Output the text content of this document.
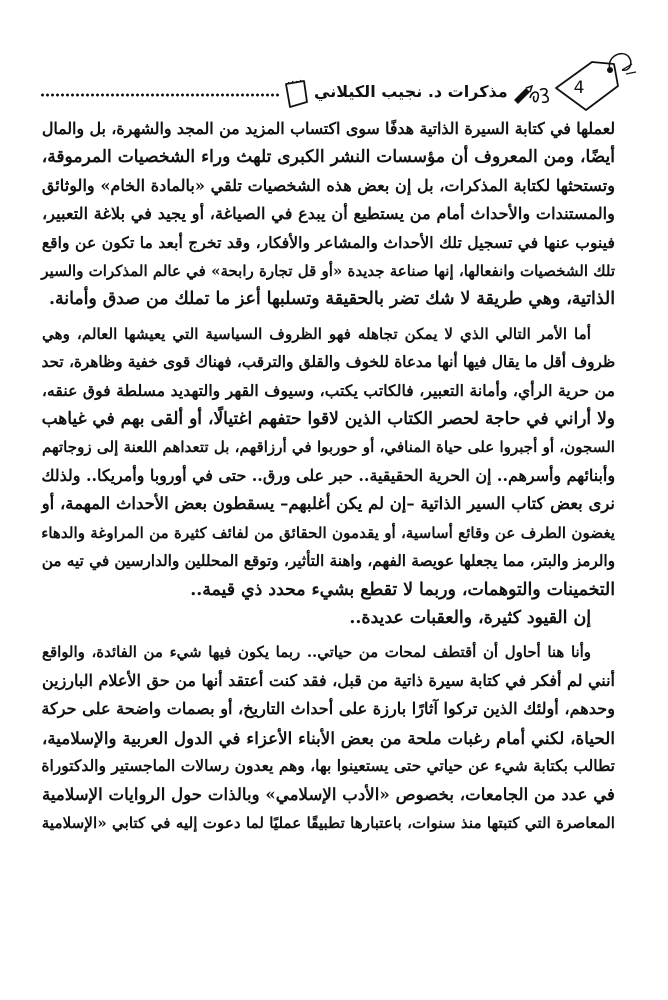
مذكرات د. نجيب الكيلاني	4
لعملها في كتابة السيرة الذاتية هدفًا سوى اكتساب المزيد من المجد والشهرة، بل والمال
أيضًا، ومن المعروف أن مؤسسات النشر الكبرى تلهث وراء الشخصيات المرموقة،
وتستحثها لكتابة المذكرات، بل إن بعض هذه الشخصيات تلقي «بالمادة الخام» والوثائق
والمستندات والأحداث أمام من يستطيع أن يبدع في الصياغة، أو يجيد في بلاغة التعبير،
فينوب عنها في تسجيل تلك الأحداث والمشاعر والأفكار، وقد تخرج أبعد ما تكون عن واقع
تلك الشخصيات وانفعالها، إنها صناعة جديدة «أو قل تجارة رابحة» في عالم المذكرات والسير
الذاتية، وهي طريقة لا شك تضر بالحقيقة وتسلبها أعز ما تملك من صدق وأمانة.
أما الأمر التالي الذي لا يمكن تجاهله فهو الظروف السياسية التي يعيشها العالم، وهي
ظروف أقل ما يقال فيها أنها مدعاة للخوف والقلق والترقب، فهناك قوى خفية وظاهرة، تحد
من حرية الرأي، وأمانة التعبير، فالكاتب يكتب، وسيوف القهر والتهديد مسلطة فوق عنقه،
ولا أراني في حاجة لحصر الكتاب الذين لاقوا حتفهم اغتيالًا، أو ألقى بهم في غياهب
السجون، أو أجبروا على حياة المنافي، أو حوربوا في أرزاقهم، بل تتعداهم اللعنة إلى زوجاتهم
وأبنائهم وأسرهم.. إن الحرية الحقيقية.. حبر على ورق.. حتى في أوروبا وأمريكا.. ولذلك
نرى بعض كتاب السير الذاتية –إن لم يكن أغلبهم– يسقطون بعض الأحداث المهمة، أو
يغضون الطرف عن وقائع أساسية، أو يقدمون الحقائق من لفائف كثيرة من المراوغة والدهاء
والرمز والبتر، مما يجعلها عويصة الفهم، واهنة التأثير، وتوقع المحللين والدارسين في تيه من
التخمينات والتوهمات، وربما لا تقطع بشيء محدد ذي قيمة..
إن القيود كثيرة، والعقبات عديدة..
وأنا هنا أحاول أن أقتطف لمحات من حياتي.. ربما يكون فيها شيء من الفائدة، والواقع
أنني لم أفكر في كتابة سيرة ذاتية من قبل، فقد كنت أعتقد أنها من حق الأعلام البارزين
وحدهم، أولئك الذين تركوا آثارًا بارزة على أحداث التاريخ، أو بصمات واضحة على حركة
الحياة، لكني أمام رغبات ملحة من بعض الأبناء الأعزاء في الدول العربية والإسلامية،
تطالب بكتابة شيء عن حياتي حتى يستعينوا بها، وهم يعدون رسالات الماجستير والدكتوراة
في عدد من الجامعات، بخصوص «الأدب الإسلامي» وبالذات حول الروايات الإسلامية
المعاصرة التي كتبتها منذ سنوات، باعتبارها تطبيقًا عمليًا لما دعوت إليه في كتابي «الإسلامية
